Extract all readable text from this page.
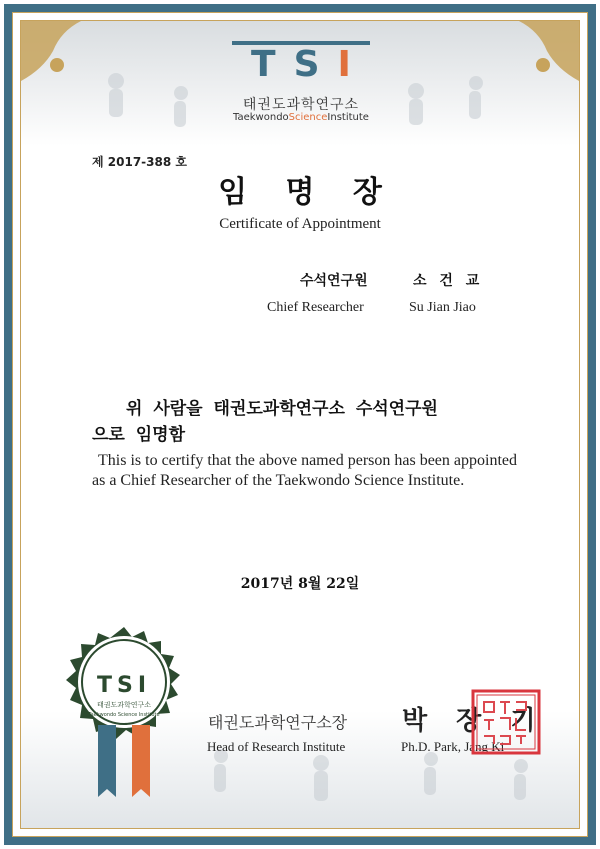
TSI
태권도과학연구소
TaekwondoScienceInstitute
제 2017-388 호
임 명 장
Certificate of Appointment
수석연구원	소 건 교
Chief Researcher	Su Jian Jiao
위 사람을 태권도과학연구소 수석연구원
으로 임명함
This is to certify that the above named person has been appointed as a Chief Researcher of the Taekwondo Science Institute.
2017년 8월 22일
TSI
태권도과학연구소
Taekwondo Science Institute	태권도과학연구소장
Head of Research Institute
박 장 기
Ph.D. Park, Jang Ki
